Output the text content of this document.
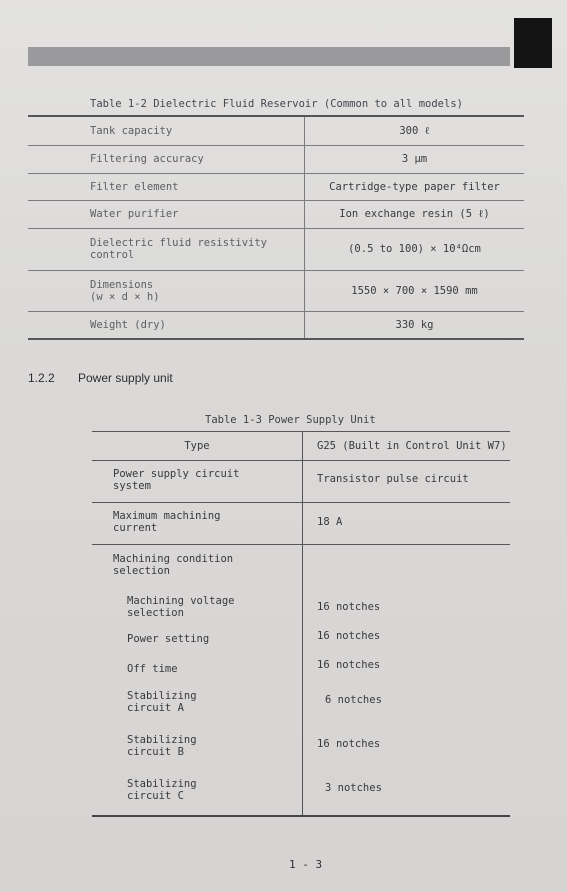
Table 1-2 Dielectric Fluid Reservoir (Common to all models)
Tank capacity	300 ℓ
Filtering accuracy	3 μm
Filter element	Cartridge-type paper filter
Water purifier	Ion exchange resin (5 ℓ)

Dielectric fluid resistivity
control	(0.5 to 100) × 10⁴Ωcm

Dimensions
(w × d × h)	1550 × 700 × 1590 mm
Weight (dry)	330 kg
1.2.2 Power supply unit
Table 1-3 Power Supply Unit
Type	G25 (Built in Control Unit W7)

Power supply circuit
system	Transistor pulse circuit

Maximum machining
current	18 A

Machining condition
selection	

Machining voltage
selection	16 notches
Power setting	16 notches
Off time	16 notches

Stabilizing
circuit A	6 notches

Stabilizing
circuit B	16 notches

Stabilizing
circuit C	3 notches
1 - 3
